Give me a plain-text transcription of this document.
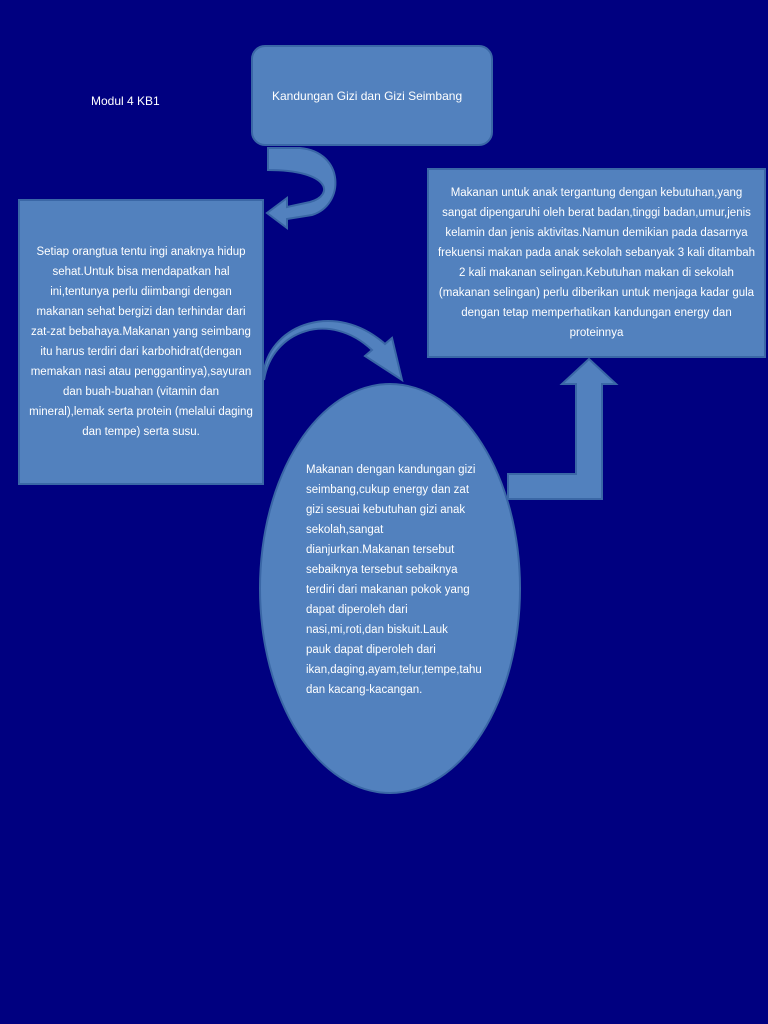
Modul 4 KB1	Kandungan Gizi dan Gizi Seimbang
Setiap orangtua tentu ingi anaknya hidup sehat.Untuk bisa mendapatkan hal ini,tentunya perlu diimbangi dengan makanan sehat bergizi dan terhindar dari zat-zat bebahaya.Makanan yang seimbang itu harus terdiri dari karbohidrat(dengan memakan nasi atau penggantinya),sayuran dan buah-buahan (vitamin dan mineral),lemak serta protein (melalui daging dan tempe) serta susu.
Makanan untuk anak tergantung dengan kebutuhan,yang sangat dipengaruhi oleh berat badan,tinggi badan,umur,jenis kelamin dan jenis aktivitas.Namun demikian pada dasarnya frekuensi makan pada anak sekolah sebanyak 3 kali ditambah 2 kali makanan selingan.Kebutuhan makan di sekolah (makanan selingan) perlu diberikan untuk menjaga kadar gula dengan tetap memperhatikan kandungan energy dan proteinnya
Makanan dengan kandungan gizi seimbang,cukup energy dan zat gizi sesuai kebutuhan gizi anak sekolah,sangat dianjurkan.Makanan tersebut sebaiknya tersebut sebaiknya terdiri dari makanan pokok yang dapat diperoleh dari nasi,mi,roti,dan biskuit.Lauk pauk dapat diperoleh dari ikan,daging,ayam,telur,tempe,tahu dan kacang-kacangan.
